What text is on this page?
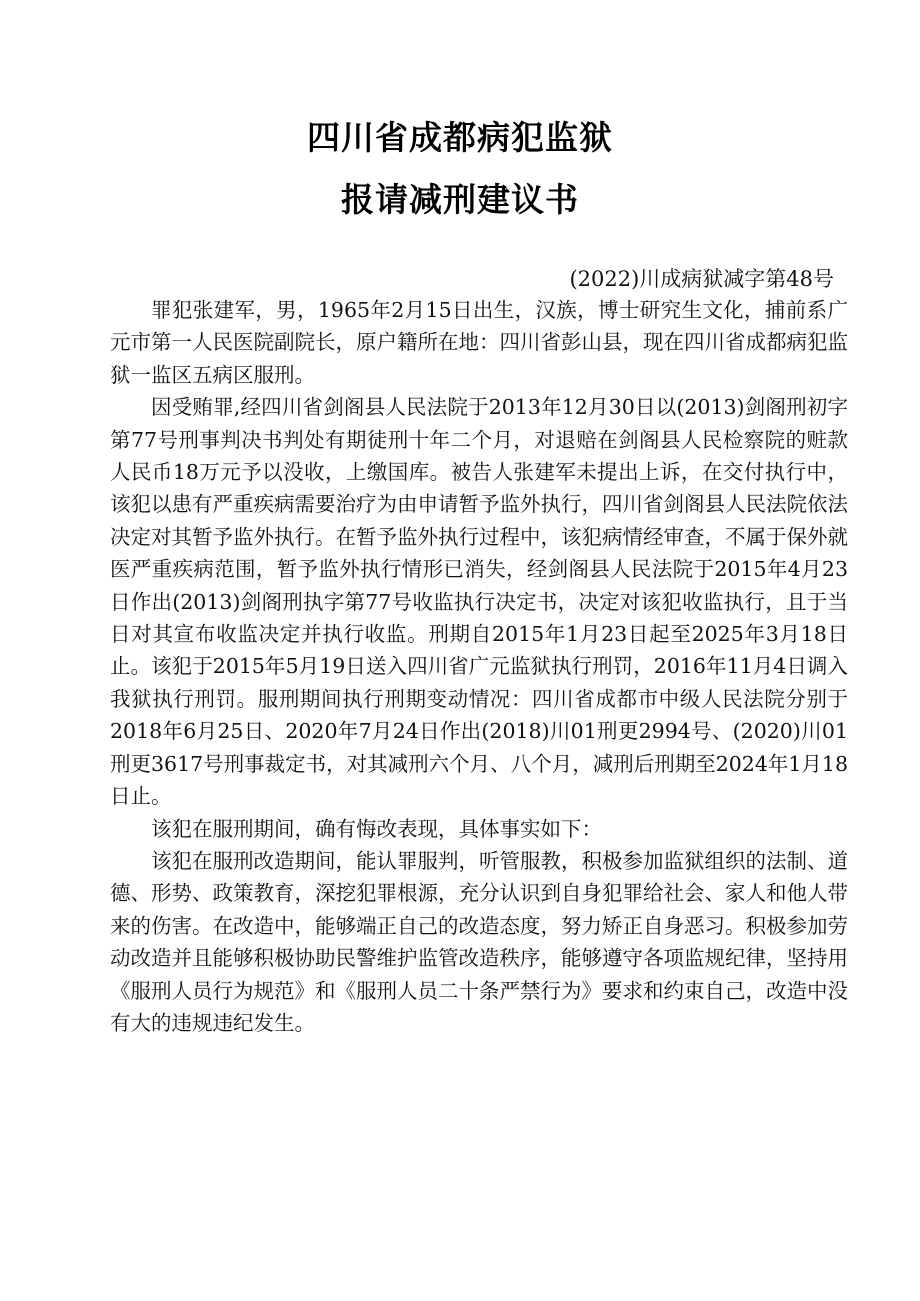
四川省成都病犯监狱
报请减刑建议书
(2022)川成病狱减字第48号

罪犯张建军，男，1965年2月15日出生，汉族，博士研究生文化，捕前系广元市第一人民医院副院长，原户籍所在地：四川省彭山县，现在四川省成都病犯监狱一监区五病区服刑。

因受贿罪,经四川省剑阁县人民法院于2013年12月30日以(2013)剑阁刑初字第77号刑事判决书判处有期徒刑十年二个月，对退赔在剑阁县人民检察院的赃款人民币18万元予以没收，上缴国库。被告人张建军未提出上诉，在交付执行中，该犯以患有严重疾病需要治疗为由申请暂予监外执行，四川省剑阁县人民法院依法决定对其暂予监外执行。在暂予监外执行过程中，该犯病情经审查，不属于保外就医严重疾病范围，暂予监外执行情形已消失，经剑阁县人民法院于2015年4月23日作出(2013)剑阁刑执字第77号收监执行决定书，决定对该犯收监执行，且于当日对其宣布收监决定并执行收监。刑期自2015年1月23日起至2025年3月18日止。该犯于2015年5月19日送入四川省广元监狱执行刑罚，2016年11月4日调入我狱执行刑罚。服刑期间执行刑期变动情况：四川省成都市中级人民法院分别于2018年6月25日、2020年7月24日作出(2018)川01刑更2994号、(2020)川01刑更3617号刑事裁定书，对其减刑六个月、八个月，减刑后刑期至2024年1月18日止。

该犯在服刑期间，确有悔改表现，具体事实如下：

该犯在服刑改造期间，能认罪服判，听管服教，积极参加监狱组织的法制、道德、形势、政策教育，深挖犯罪根源，充分认识到自身犯罪给社会、家人和他人带来的伤害。在改造中，能够端正自己的改造态度，努力矫正自身恶习。积极参加劳动改造并且能够积极协助民警维护监管改造秩序，能够遵守各项监规纪律，坚持用《服刑人员行为规范》和《服刑人员二十条严禁行为》要求和约束自己，改造中没有大的违规违纪发生。
